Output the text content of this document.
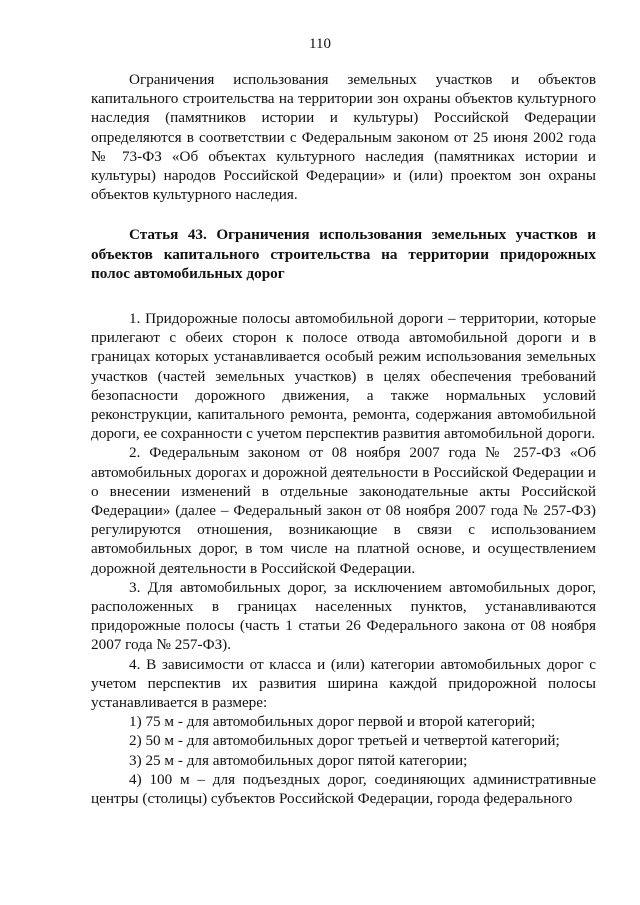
110

Ограничения использования земельных участков и объектов капитального строительства на территории зон охраны объектов культурного наследия (памятников истории и культуры) Российской Федерации определяются в соответствии с Федеральным законом от 25 июня 2002 года № 73-ФЗ «Об объектах культурного наследия (памятниках истории и культуры) народов Российской Федерации» и (или) проектом зон охраны объектов культурного наследия.

Статья 43. Ограничения использования земельных участков и объектов капитального строительства на территории придорожных полос автомобильных дорог

1. Придорожные полосы автомобильной дороги – территории, которые прилегают с обеих сторон к полосе отвода автомобильной дороги и в границах которых устанавливается особый режим использования земельных участков (частей земельных участков) в целях обеспечения требований безопасности дорожного движения, а также нормальных условий реконструкции, капитального ремонта, ремонта, содержания автомобильной дороги, ее сохранности с учетом перспектив развития автомобильной дороги.

2. Федеральным законом от 08 ноября 2007 года № 257-ФЗ «Об автомобильных дорогах и дорожной деятельности в Российской Федерации и о внесении изменений в отдельные законодательные акты Российской Федерации» (далее – Федеральный закон от 08 ноября 2007 года № 257-ФЗ) регулируются отношения, возникающие в связи с использованием автомобильных дорог, в том числе на платной основе, и осуществлением дорожной деятельности в Российской Федерации.

3. Для автомобильных дорог, за исключением автомобильных дорог, расположенных в границах населенных пунктов, устанавливаются придорожные полосы (часть 1 статьи 26 Федерального закона от 08 ноября 2007 года № 257-ФЗ).

4. В зависимости от класса и (или) категории автомобильных дорог с учетом перспектив их развития ширина каждой придорожной полосы устанавливается в размере:

1) 75 м - для автомобильных дорог первой и второй категорий;

2) 50 м - для автомобильных дорог третьей и четвертой категорий;

3) 25 м - для автомобильных дорог пятой категории;

4) 100 м – для подъездных дорог, соединяющих административные центры (столицы) субъектов Российской Федерации, города федерального
